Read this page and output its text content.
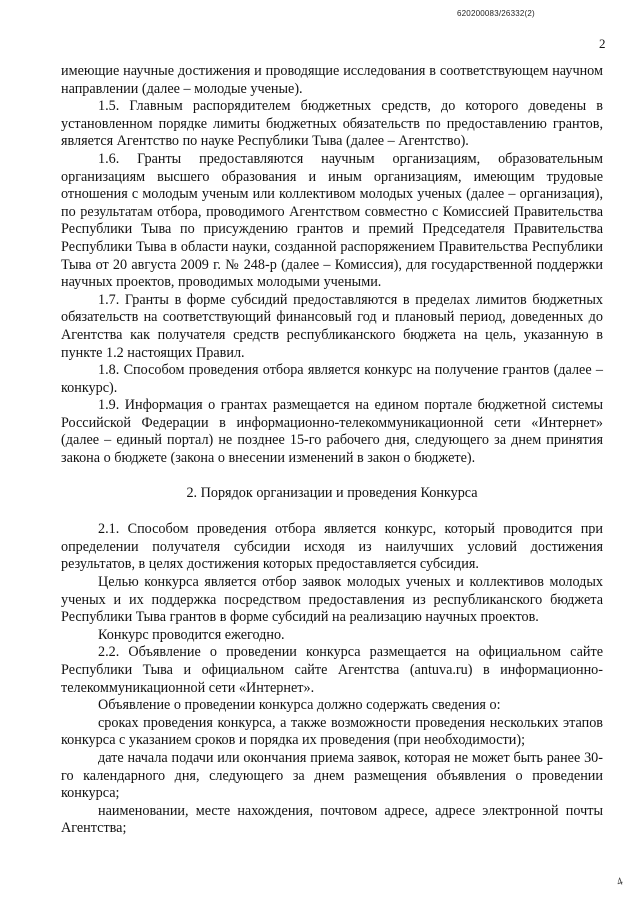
620200083/26332(2)
2

имеющие научные достижения и проводящие исследования в соответствующем научном направлении (далее – молодые ученые).

1.5. Главным распорядителем бюджетных средств, до которого доведены в установленном порядке лимиты бюджетных обязательств по предоставлению грантов, является Агентство по науке Республики Тыва (далее – Агентство).

1.6. Гранты предоставляются научным организациям, образовательным организациям высшего образования и иным организациям, имеющим трудовые отношения с молодым ученым или коллективом молодых ученых (далее – организация), по результатам отбора, проводимого Агентством совместно с Комиссией Правительства Республики Тыва по присуждению грантов и премий Председателя Правительства Республики Тыва в области науки, созданной распоряжением Правительства Республики Тыва от 20 августа 2009 г. № 248-р (далее – Комиссия), для государственной поддержки научных проектов, проводимых молодыми учеными.

1.7. Гранты в форме субсидий предоставляются в пределах лимитов бюджетных обязательств на соответствующий финансовый год и плановый период, доведенных до Агентства как получателя средств республиканского бюджета на цель, указанную в пункте 1.2 настоящих Правил.

1.8. Способом проведения отбора является конкурс на получение грантов (далее – конкурс).

1.9. Информация о грантах размещается на едином портале бюджетной системы Российской Федерации в информационно-телекоммуникационной сети «Интернет» (далее – единый портал) не позднее 15-го рабочего дня, следующего за днем принятия закона о бюджете (закона о внесении изменений в закон о бюджете).

2. Порядок организации и проведения Конкурса

2.1. Способом проведения отбора является конкурс, который проводится при определении получателя субсидии исходя из наилучших условий достижения результатов, в целях достижения которых предоставляется субсидия.

Целью конкурса является отбор заявок молодых ученых и коллективов молодых ученых и их поддержка посредством предоставления из республиканского бюджета Республики Тыва грантов в форме субсидий на реализацию научных проектов.

Конкурс проводится ежегодно.

2.2. Объявление о проведении конкурса размещается на официальном сайте Республики Тыва и официальном сайте Агентства (antuva.ru) в информационно-телекоммуникационной сети «Интернет».

Объявление о проведении конкурса должно содержать сведения о:

сроках проведения конкурса, а также возможности проведения нескольких этапов конкурса с указанием сроков и порядка их проведения (при необходимости);

дате начала подачи или окончания приема заявок, которая не может быть ранее 30-го календарного дня, следующего за днем размещения объявления о проведении конкурса;

наименовании, месте нахождения, почтовом адресе, адресе электронной почты Агентства;

4
